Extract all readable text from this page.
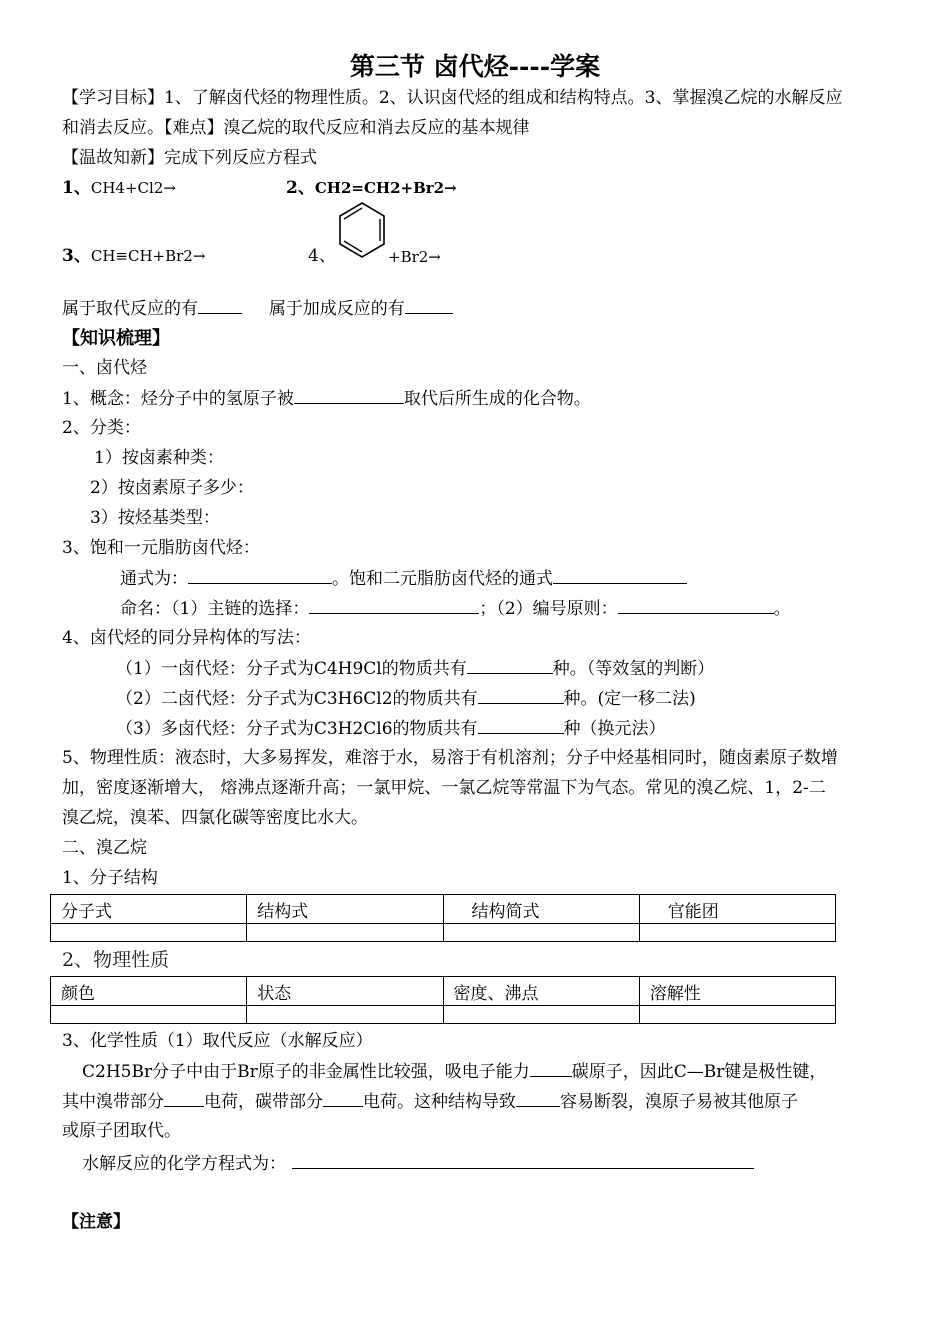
第三节 卤代烃----学案
【学习目标】1、了解卤代烃的物理性质。2、认识卤代烃的组成和结构特点。3、掌握溴乙烷的水解反应
和消去反应。【难点】溴乙烷的取代反应和消去反应的基本规律
【温故知新】完成下列反应方程式
1、CH4+Cl2→	2、CH2=CH2+Br2→
3、CH≡CH+Br2→	4、	+Br2→
属于取代反应的有	属于加成反应的有
【知识梳理】
一、卤代烃
1、概念：烃分子中的氢原子被	取代后所生成的化合物。
2、分类：
1）按卤素种类：
2）按卤素原子多少：
3）按烃基类型：
3、饱和一元脂肪卤代烃：
通式为：	。饱和二元脂肪卤代烃的通式
命名：（1）主链的选择：	；（2）编号原则：	。
4、卤代烃的同分异构体的写法：
（1）一卤代烃：分子式为C4H9Cl的物质共有	种。（等效氢的判断）
（2）二卤代烃：分子式为C3H6Cl2的物质共有	种。(定一移二法)
（3）多卤代烃：分子式为C3H2Cl6的物质共有	种（换元法）
5、物理性质：液态时，大多易挥发，难溶于水，易溶于有机溶剂；分子中烃基相同时，随卤素原子数增
加，密度逐渐增大， 熔沸点逐渐升高；一氯甲烷、一氯乙烷等常温下为气态。常见的溴乙烷、1，2-二
溴乙烷，溴苯、四氯化碳等密度比水大。
二、溴乙烷
1、分子结构
分子式	结构式	结构简式	官能团

2、物理性质
颜色	状态	密度、沸点	溶解性

3、化学性质（1）取代反应（水解反应）
C2H5Br分子中由于Br原子的非金属性比较强，吸电子能力 碳原子，因此C—Br键是极性键，
其中溴带部分 电荷，碳带部分 电荷。这种结构导致	容易断裂，溴原子易被其他原子
或原子团取代。
水解反应的化学方程式为：
【注意】
